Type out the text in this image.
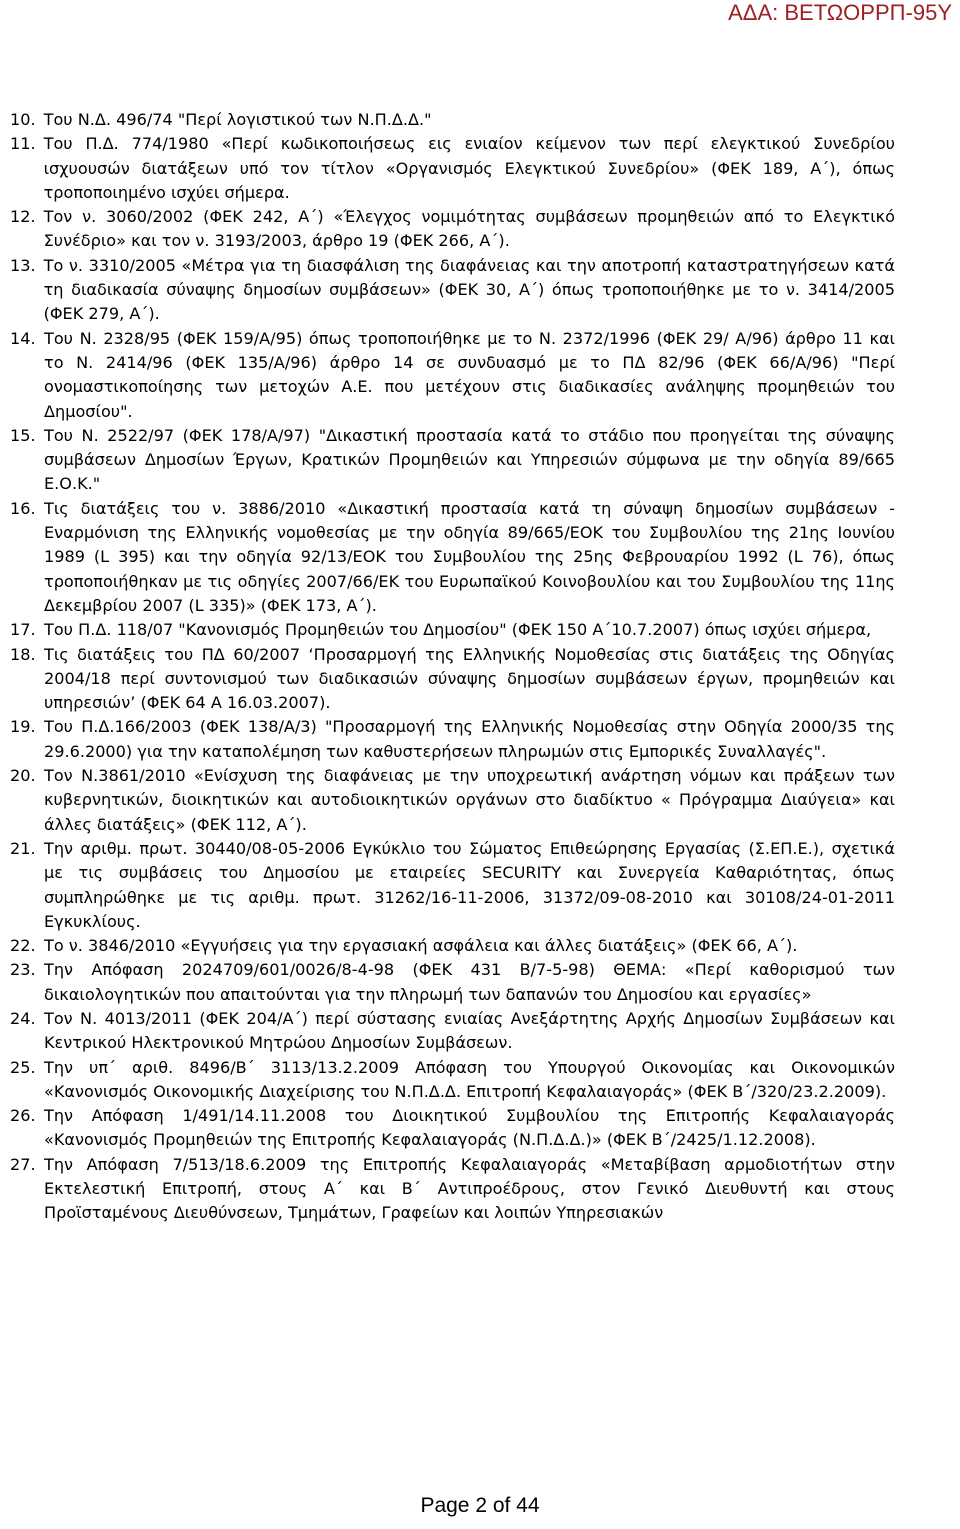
ΑΔΑ: ΒΕΤΩΟΡΡΠ-95Υ
10. Του Ν.Δ. 496/74 "Περί λογιστικού των Ν.Π.Δ.Δ."
11. Του Π.Δ. 774/1980 «Περί κωδικοποιήσεως εις ενιαίον κείμενον των περί ελεγκτικού Συνεδρίου ισχυουσών διατάξεων υπό τον τίτλον «Οργανισμός Ελεγκτικού Συνεδρίου» (ΦΕΚ 189, Α΄), όπως τροποποιημένο ισχύει σήμερα.
12. Τον ν. 3060/2002 (ΦΕΚ 242, Α΄) «Έλεγχος νομιμότητας συμβάσεων προμηθειών από το Ελεγκτικό Συνέδριο» και τον ν. 3193/2003, άρθρο 19 (ΦΕΚ 266, Α΄).
13. Το ν. 3310/2005 «Μέτρα για τη διασφάλιση της διαφάνειας και την αποτροπή καταστρατηγήσεων κατά τη διαδικασία σύναψης δημοσίων συμβάσεων» (ΦΕΚ 30, Α΄) όπως τροποποιήθηκε με το ν. 3414/2005 (ΦΕΚ 279, Α΄).
14. Του Ν. 2328/95 (ΦΕΚ 159/Α/95) όπως τροποποιήθηκε με το Ν. 2372/1996 (ΦΕΚ 29/ Α/96) άρθρο 11 και το Ν. 2414/96 (ΦΕΚ 135/Α/96) άρθρο 14 σε συνδυασμό με το ΠΔ 82/96 (ΦΕΚ 66/Α/96) "Περί ονομαστικοποίησης των μετοχών Α.Ε. που μετέχουν στις διαδικασίες ανάληψης προμηθειών του Δημοσίου".
15. Του Ν. 2522/97 (ΦΕΚ 178/Α/97) "Δικαστική προστασία κατά το στάδιο που προηγείται της σύναψης συμβάσεων Δημοσίων Έργων, Κρατικών Προμηθειών και Υπηρεσιών σύμφωνα με την οδηγία 89/665 Ε.Ο.Κ."
16. Τις διατάξεις του ν. 3886/2010 «Δικαστική προστασία κατά τη σύναψη δημοσίων συμβάσεων - Εναρμόνιση της Ελληνικής νομοθεσίας με την οδηγία 89/665/ΕΟΚ του Συμβουλίου της 21ης Ιουνίου 1989 (L 395) και την οδηγία 92/13/ΕΟΚ του Συμβουλίου της 25ης Φεβρουαρίου 1992 (L 76), όπως τροποποιήθηκαν με τις οδηγίες 2007/66/ΕΚ του Ευρωπαϊκού Κοινοβουλίου και του Συμβουλίου της 11ης Δεκεμβρίου 2007 (L 335)» (ΦΕΚ 173, Α΄).
17. Του Π.Δ. 118/07 "Κανονισμός Προμηθειών του Δημοσίου" (ΦΕΚ 150 Α΄10.7.2007) όπως ισχύει σήμερα,
18. Τις διατάξεις του ΠΔ 60/2007 ‘Προσαρμογή της Ελληνικής Νομοθεσίας στις διατάξεις της Οδηγίας 2004/18 περί συντονισμού των διαδικασιών σύναψης δημοσίων συμβάσεων έργων, προμηθειών και υπηρεσιών’ (ΦΕΚ 64 Α 16.03.2007).
19. Του Π.Δ.166/2003 (ΦΕΚ 138/Α/3) "Προσαρμογή της Ελληνικής Νομοθεσίας στην Οδηγία 2000/35 της 29.6.2000) για την καταπολέμηση των καθυστερήσεων πληρωμών στις Εμπορικές Συναλλαγές".
20. Τον Ν.3861/2010 «Ενίσχυση της διαφάνειας με την υποχρεωτική ανάρτηση νόμων και πράξεων των κυβερνητικών, διοικητικών και αυτοδιοικητικών οργάνων στο διαδίκτυο « Πρόγραμμα Διαύγεια» και άλλες διατάξεις» (ΦΕΚ 112, Α΄).
21. Την αριθμ. πρωτ. 30440/08-05-2006 Εγκύκλιο του Σώματος Επιθεώρησης Εργασίας (Σ.ΕΠ.Ε.), σχετικά με τις συμβάσεις του Δημοσίου με εταιρείες SECURITY και Συνεργεία Καθαριότητας, όπως συμπληρώθηκε με τις αριθμ. πρωτ. 31262/16-11-2006, 31372/09-08-2010 και 30108/24-01-2011 Εγκυκλίους.
22. Το ν. 3846/2010 «Εγγυήσεις για την εργασιακή ασφάλεια και άλλες διατάξεις» (ΦΕΚ 66, Α΄).
23. Την Απόφαση 2024709/601/0026/8-4-98 (ΦΕΚ 431 Β/7-5-98) ΘΕΜΑ: «Περί καθορισμού των δικαιολογητικών που απαιτούνται για την πληρωμή των δαπανών του Δημοσίου και εργασίες»
24. Τον Ν. 4013/2011 (ΦΕΚ 204/Α΄) περί σύστασης ενιαίας Ανεξάρτητης Αρχής Δημοσίων Συμβάσεων και Κεντρικού Ηλεκτρονικού Μητρώου Δημοσίων Συμβάσεων.
25. Την υπ΄ αριθ. 8496/Β΄ 3113/13.2.2009 Απόφαση του Υπουργού Οικονομίας και Οικονομικών «Κανονισμός Οικονομικής Διαχείρισης του Ν.Π.Δ.Δ. Επιτροπή Κεφαλαιαγοράς» (ΦΕΚ Β΄/320/23.2.2009).
26. Την Απόφαση 1/491/14.11.2008 του Διοικητικού Συμβουλίου της Επιτροπής Κεφαλαιαγοράς «Κανονισμός Προμηθειών της Επιτροπής Κεφαλαιαγοράς (Ν.Π.Δ.Δ.)» (ΦΕΚ Β΄/2425/1.12.2008).
27. Την Απόφαση 7/513/18.6.2009 της Επιτροπής Κεφαλαιαγοράς «Μεταβίβαση αρμοδιοτήτων στην Εκτελεστική Επιτροπή, στους Α΄ και Β΄ Αντιπροέδρους, στον Γενικό Διευθυντή και στους Προϊσταμένους Διευθύνσεων, Τμημάτων, Γραφείων και λοιπών Υπηρεσιακών
Page 2 of 44
